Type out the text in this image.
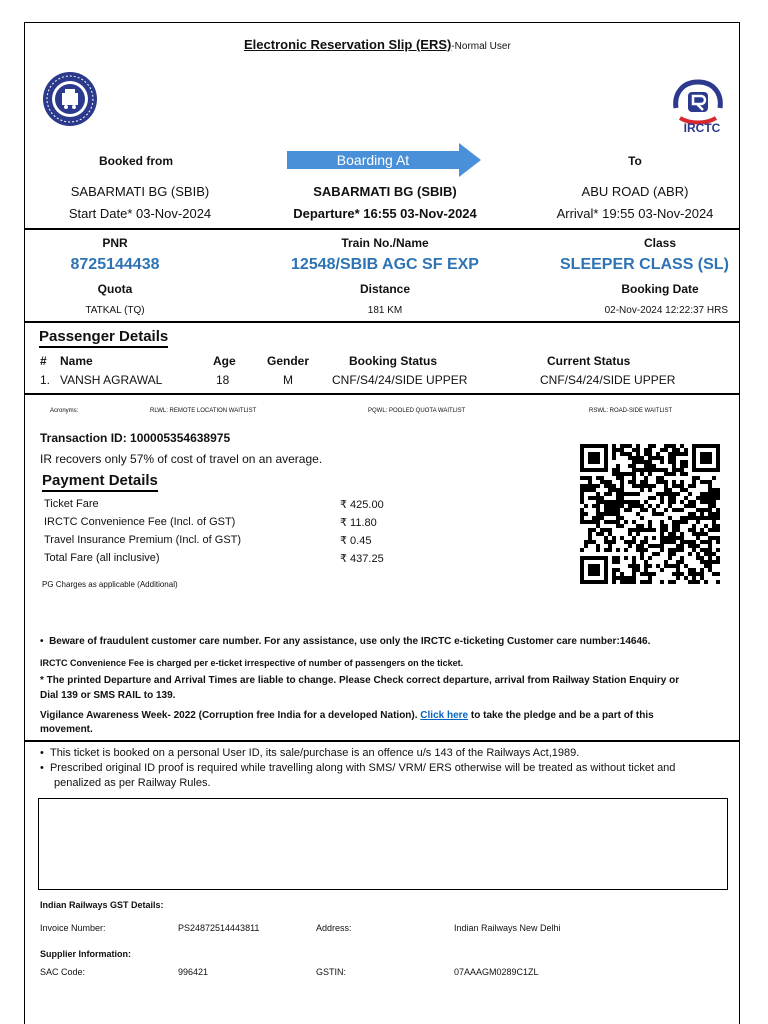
Electronic Reservation Slip (ERS)-Normal User
IRCTC
Booked from	Boarding At	To
SABARMATI BG (SBIB)	SABARMATI BG (SBIB)	ABU ROAD (ABR)
Start Date* 03-Nov-2024	Departure* 16:55 03-Nov-2024	Arrival* 19:55 03-Nov-2024
PNR	Train No./Name	Class
8725144438	12548/SBIB AGC SF EXP	SLEEPER CLASS (SL)
Quota	Distance	Booking Date
TATKAL (TQ)	181 KM	02-Nov-2024 12:22:37 HRS
Passenger Details
# Name	Age	Gender	Booking Status	Current Status
1. VANSH AGRAWAL	18	M	CNF/S4/24/SIDE UPPER	CNF/S4/24/SIDE UPPER
Acronyms:	RLWL: REMOTE LOCATION WAITLIST	PQWL: POOLED QUOTA WAITLIST	RSWL: ROAD-SIDE WAITLIST
Transaction ID: 100005354638975
IR recovers only 57% of cost of travel on an average.
Payment Details
Ticket Fare	₹ 425.00
IRCTC Convenience Fee (Incl. of GST)	₹ 11.80
Travel Insurance Premium (Incl. of GST)	₹ 0.45
Total Fare (all inclusive)	₹ 437.25
PG Charges as applicable (Additional)
•  Beware of fraudulent customer care number. For any assistance, use only the IRCTC e-ticketing Customer care number:14646.
IRCTC Convenience Fee is charged per e-ticket irrespective of number of passengers on the ticket.
* The printed Departure and Arrival Times are liable to change. Please Check correct departure, arrival from Railway Station Enquiry or
Dial 139 or SMS RAIL to 139.
Vigilance Awareness Week- 2022 (Corruption free India for a developed Nation). Click here to take the pledge and be a part of this
movement.
•  This ticket is booked on a personal User ID, its sale/purchase is an offence u/s 143 of the Railways Act,1989.
•  Prescribed original ID proof is required while travelling along with SMS/ VRM/ ERS otherwise will be treated as without ticket and
penalized as per Railway Rules.
Indian Railways GST Details:
Invoice Number:	PS24872514443811	Address:	Indian Railways New Delhi
Supplier Information:
SAC Code:	996421	GSTIN:	07AAAGM0289C1ZL
